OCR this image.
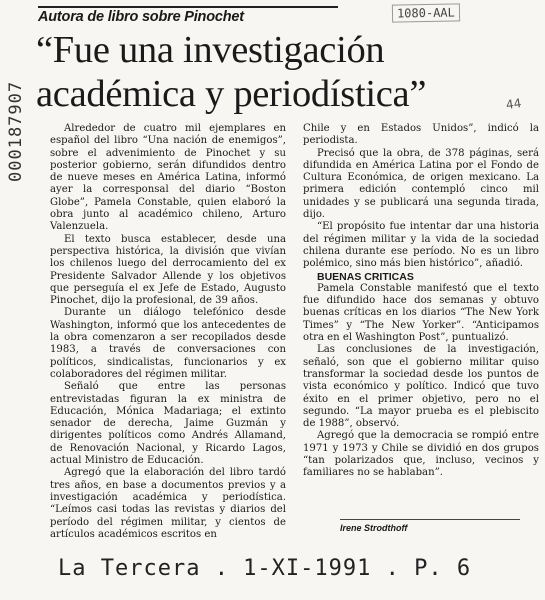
Autora de libro sobre Pinochet	1080-AAL
000187907
“Fue una investigación académica y periodística”	44

Alrededor de cuatro mil ejemplares en español del libro “Una nación de enemigos”, sobre el advenimiento de Pinochet y su posterior gobierno, serán difundidos dentro de nueve meses en América Latina, informó ayer la corresponsal del diario “Boston Globe”, Pamela Constable, quien elaboró la obra junto al académico chileno, Arturo Valenzuela.

El texto busca establecer, desde una perspectiva histórica, la división que vivían los chilenos luego del derrocamiento del ex Presidente Salvador Allende y los objetivos que perseguía el ex Jefe de Estado, Augusto Pinochet, dijo la profesional, de 39 años.

Durante un diálogo telefónico desde Washington, informó que los antecedentes de la obra comenzaron a ser recopilados desde 1983, a través de conversaciones con políticos, sindicalistas, funcionarios y ex colaboradores del régimen militar.

Señaló que entre las personas entrevistadas figuran la ex ministra de Educación, Mónica Madariaga; el extinto senador de derecha, Jaime Guzmán y dirigentes políticos como Andrés Allamand, de Renovación Nacional, y Ricardo Lagos, actual Ministro de Educación.

Agregó que la elaboración del libro tardó tres años, en base a documentos previos y a investigación académica y periodística. “Leímos casi todas las revistas y diarios del período del régimen militar, y cientos de artículos académicos escritos en

Chile y en Estados Unidos”, indicó la periodista.

Precisó que la obra, de 378 páginas, será difundida en América Latina por el Fondo de Cultura Económica, de origen mexicano. La primera edición contempló cinco mil unidades y se publicará una segunda tirada, dijo.

“El propósito fue intentar dar una historia del régimen militar y la vida de la sociedad chilena durante ese período. No es un libro polémico, sino más bien histórico”, añadió.

BUENAS CRITICAS

Pamela Constable manifestó que el texto fue difundido hace dos semanas y obtuvo buenas críticas en los diarios “The New York Times” y “The New Yorker”. “Anticipamos otra en el Washington Post”, puntualizó.

Las conclusiones de la investigación, señaló, son que el gobierno militar quiso transformar la sociedad desde los puntos de vista económico y político. Indicó que tuvo éxito en el primer objetivo, pero no el segundo. “La mayor prueba es el plebiscito de 1988”, observó.

Agregó que la democracia se rompió entre 1971 y 1973 y Chile se dividió en dos grupos “tan polarizados que, incluso, vecinos y familiares no se hablaban”.

Irene Strodthoff
La Tercera . 1-XI-1991 . P. 6
